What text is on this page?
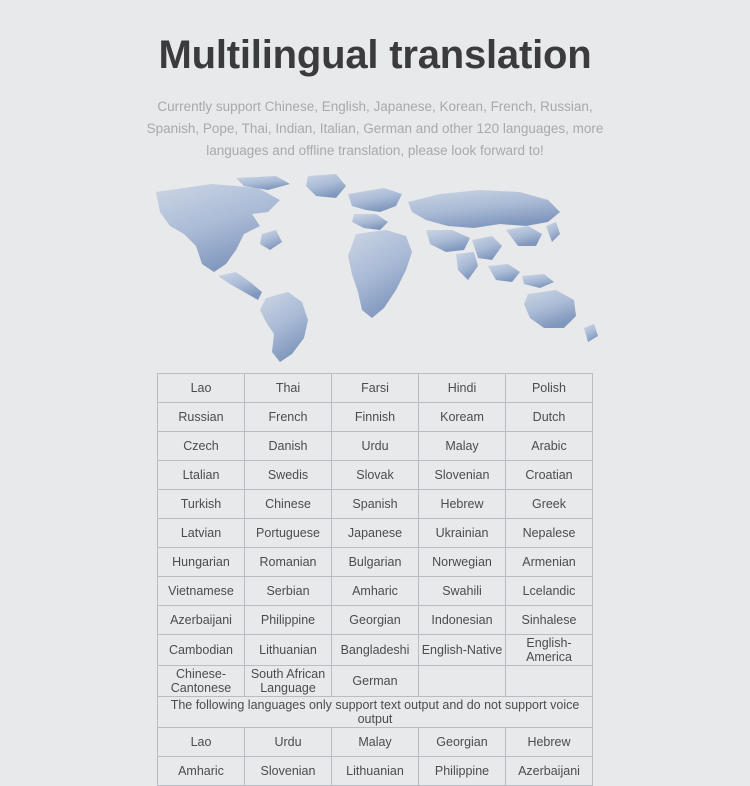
Multilingual translation

Currently support Chinese, English, Japanese, Korean, French, Russian, Spanish, Pope, Thai, Indian, Italian, German and other 120 languages, more languages and offline translation, please look forward to!

Lao	Thai	Farsi	Hindi	Polish
Russian	French	Finnish	Koream	Dutch
Czech	Danish	Urdu	Malay	Arabic
Ltalian	Swedis	Slovak	Slovenian	Croatian
Turkish	Chinese	Spanish	Hebrew	Greek
Latvian	Portuguese	Japanese	Ukrainian	Nepalese
Hungarian	Romanian	Bulgarian	Norwegian	Armenian
Vietnamese	Serbian	Amharic	Swahili	Lcelandic
Azerbaijani	Philippine	Georgian	Indonesian	Sinhalese
Cambodian	Lithuanian	Bangladeshi	English-Native	English-America
Chinese-Cantonese	South African Language	German		
The following languages only support text output and do not support voice output				
Lao	Urdu	Malay	Georgian	Hebrew
Amharic	Slovenian	Lithuanian	Philippine	Azerbaijani
